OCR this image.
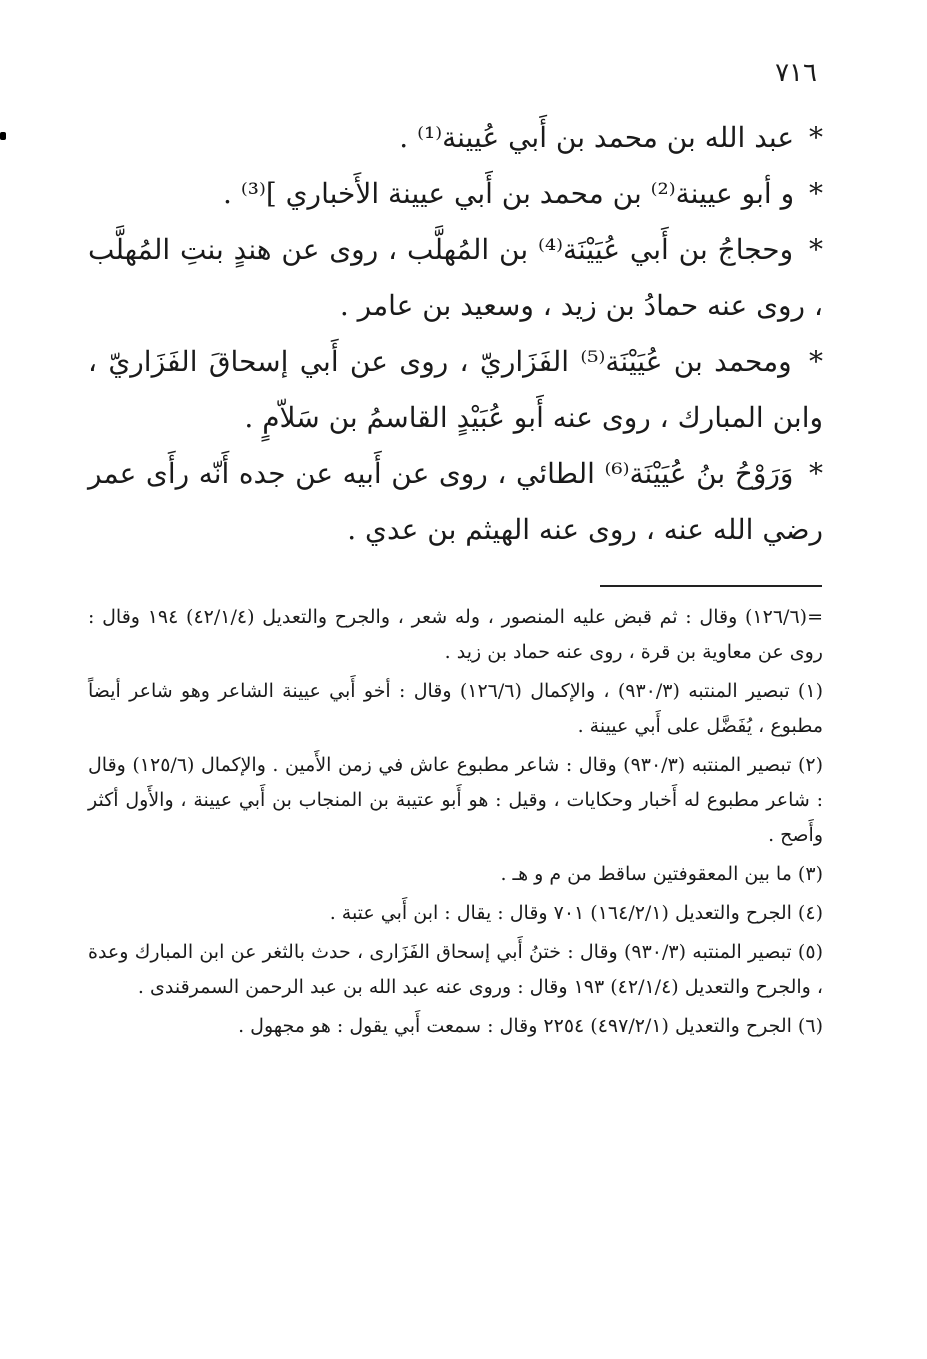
٧١٦

* عبد الله بن محمد بن أَبي عُيينة⁽¹⁾ .

* و أبو عيينة⁽²⁾ بن محمد بن أَبي عيينة الأَخباري ]⁽³⁾ .

* وحجاجُ بن أَبي عُيَيْنَة⁽⁴⁾ بن المُهلَّب ، روى عن هندٍ بنتِ المُهلَّب ، روى عنه حمادُ بن زيد ، وسعيد بن عامر .

* ومحمد بن عُيَيْنَة⁽⁵⁾ الفَزَاريّ ، روى عن أَبي إسحاقَ الفَزَاريّ ، وابن المبارك ، روى عنه أَبو عُبَيْدٍ القاسمُ بن سَلاّمٍ .

* وَرَوْحُ بنُ عُيَيْنَة⁽⁶⁾ الطائي ، روى عن أَبيه عن جده أَنّه رأَى عمر رضي الله عنه ، روى عنه الهيثم بن عدي .

=(١٢٦/٦) وقال : ثم قبض عليه المنصور ، وله شعر ، والجرح والتعديل (٤٢/١/٤) ١٩٤ وقال : روى عن معاوية بن قرة ، روى عنه حماد بن زيد .

(١) تبصير المنتبه (٩٣٠/٣) ، والإكمال (١٢٦/٦) وقال : أخو أَبي عيينة الشاعر وهو شاعر أيضاً مطبوع ، يُفَضَّل على أَبي عيينة .

(٢) تبصير المنتبه (٩٣٠/٣) وقال : شاعر مطبوع عاش في زمن الأَمين . والإكمال (١٢٥/٦) وقال : شاعر مطبوع له أَخبار وحكايات ، وقيل : هو أَبو عتيبة بن المنجاب بن أَبي عيينة ، والأَول أكثر وأَصح .

(٣) ما بين المعقوفتين ساقط من م و هـ .

(٤) الجرح والتعديل (١٦٤/٢/١) ٧٠١ وقال : يقال : ابن أَبي عتبة .

(٥) تبصير المنتبه (٩٣٠/٣) وقال : ختنُ أَبي إسحاق الفَزَارى ، حدث بالثغر عن ابن المبارك وعدة ، والجرح والتعديل (٤٢/١/٤) ١٩٣ وقال : وروى عنه عبد الله بن عبد الرحمن السمرقندى .

(٦) الجرح والتعديل (٤٩٧/٢/١) ٢٢٥٤ وقال : سمعت أَبي يقول : هو مجهول .
